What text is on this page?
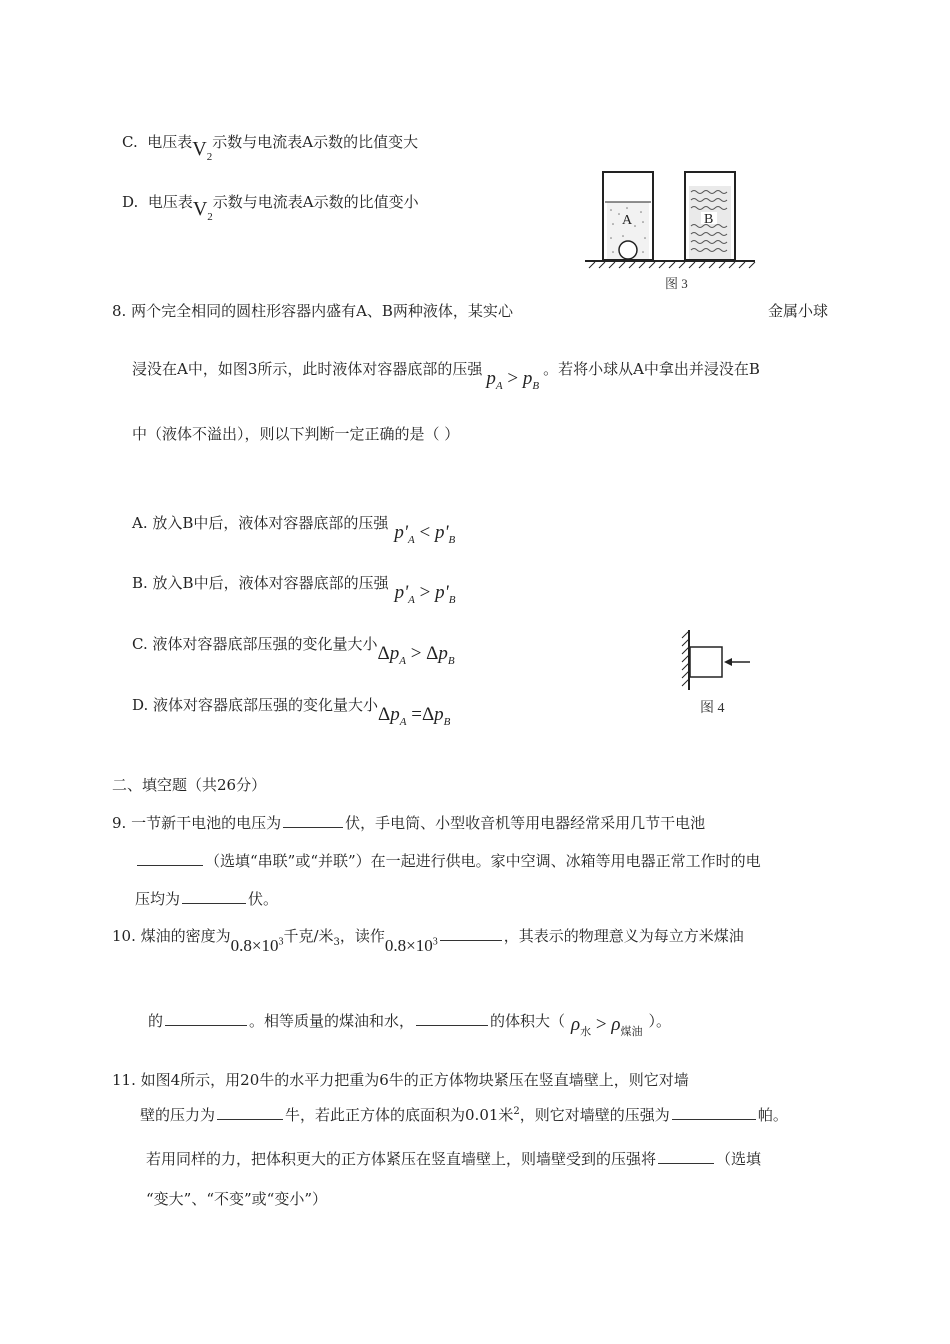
C. 电压表$V_2$示数与电流表A示数的比值变大
D. 电压表$V_2$示数与电流表A示数的比值变小
A	B
图 3
8. 两个完全相同的圆柱形容器内盛有A、B两种液体，某实心	金属小球
浸没在A中，如图3所示，此时液体对容器底部的压强 $p_A > p_B$。若将小球从A中拿出并浸没在B
中（液体不溢出），则以下判断一定正确的是（ ）
A. 放入B中后，液体对容器底部的压强 $p'_A < p'_B$
B. 放入B中后，液体对容器底部的压强 $p'_A > p'_B$
C. 液体对容器底部压强的变化量大小$\Delta p_A > \Delta p_B$
D. 液体对容器底部压强的变化量大小$\Delta p_A =\Delta p_B$
图 4
二、填空题（共26分）
9. 一节新干电池的电压为	伏，手电筒、小型收音机等用电器经常采用几节干电池
（选填“串联”或“并联”）在一起进行供电。家中空调、冰箱等用电器正常工作时的电
压均为	伏。
10. 煤油的密度为$0.8\times 10^3$千克/米$_3$，读作$0.8\times 10^3$	，其表示的物理意义为每立方米煤油
的	。相等质量的煤油和水，	的体积大（ $\rho_水 > \rho_{煤油}$）。
11. 如图4所示，用20牛的水平力把重为6牛的正方体物块紧压在竖直墙壁上，则它对墙
壁的压力为	牛，若此正方体的底面积为0.01米$^2$，则它对墙壁的压强为	帕。
若用同样的力，把体积更大的正方体紧压在竖直墙壁上，则墙壁受到的压强将	（选填
“变大”、“不变”或“变小”）
